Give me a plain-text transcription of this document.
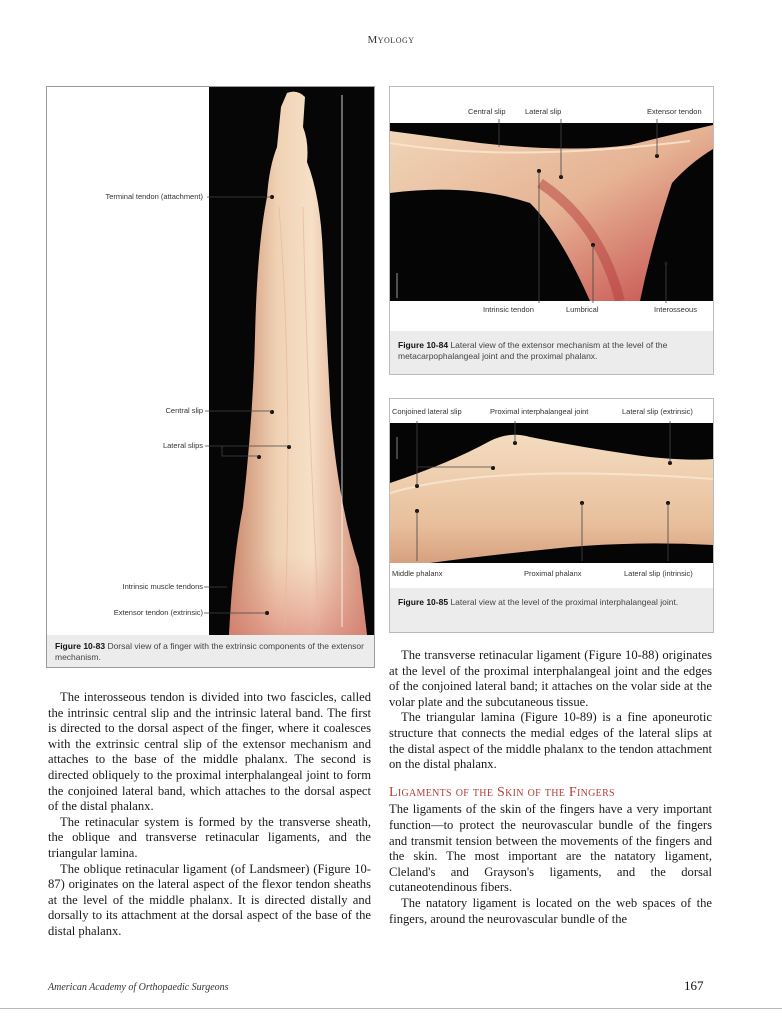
Myology
Terminal tendon (attachment)
Central slip
Lateral slips
Intrinsic muscle tendons
Extensor tendon (extrinsic)
Figure 10-83 Dorsal view of a finger with the extrinsic components of the extensor mechanism.
Central slip	Lateral slip	Extensor tendon
Intrinsic tendon	Lumbrical	Interosseous
Figure 10-84 Lateral view of the extensor mechanism at the level of the metacarpophalangeal joint and the proximal phalanx.
Conjoined lateral slip	Proximal interphalangeal joint	Lateral slip (extrinsic)
Middle phalanx	Proximal phalanx	Lateral slip (intrinsic)
Figure 10-85 Lateral view at the level of the proximal interphalangeal joint.

The interosseous tendon is divided into two fascicles, called the intrinsic central slip and the intrinsic lateral band. The first is directed to the dorsal aspect of the finger, where it coalesces with the extrinsic central slip of the extensor mechanism and attaches to the base of the middle phalanx. The second is directed obliquely to the proximal interphalangeal joint to form the conjoined lateral band, which attaches to the dorsal aspect of the distal phalanx.

The retinacular system is formed by the transverse sheath, the oblique and transverse retinacular ligaments, and the triangular lamina.

The oblique retinacular ligament (of Landsmeer) (Figure 10-87) originates on the lateral aspect of the flexor tendon sheaths at the level of the middle phalanx. It is directed distally and dorsally to its attachment at the dorsal aspect of the base of the distal phalanx.

The transverse retinacular ligament (Figure 10-88) originates at the level of the proximal interphalangeal joint and the edges of the conjoined lateral band; it attaches on the volar side at the volar plate and the subcutaneous tissue.

The triangular lamina (Figure 10-89) is a fine aponeurotic structure that connects the medial edges of the lateral slips at the distal aspect of the middle phalanx to the tendon attachment on the distal phalanx.

Ligaments of the Skin of the Fingers

The ligaments of the skin of the fingers have a very important function—to protect the neurovascular bundle of the fingers and transmit tension between the movements of the fingers and the skin. The most important are the natatory ligament, Cleland's and Grayson's ligaments, and the dorsal cutaneotendinous fibers.

The natatory ligament is located on the web spaces of the fingers, around the neurovascular bundle of the

American Academy of Orthopaedic Surgeons	167
